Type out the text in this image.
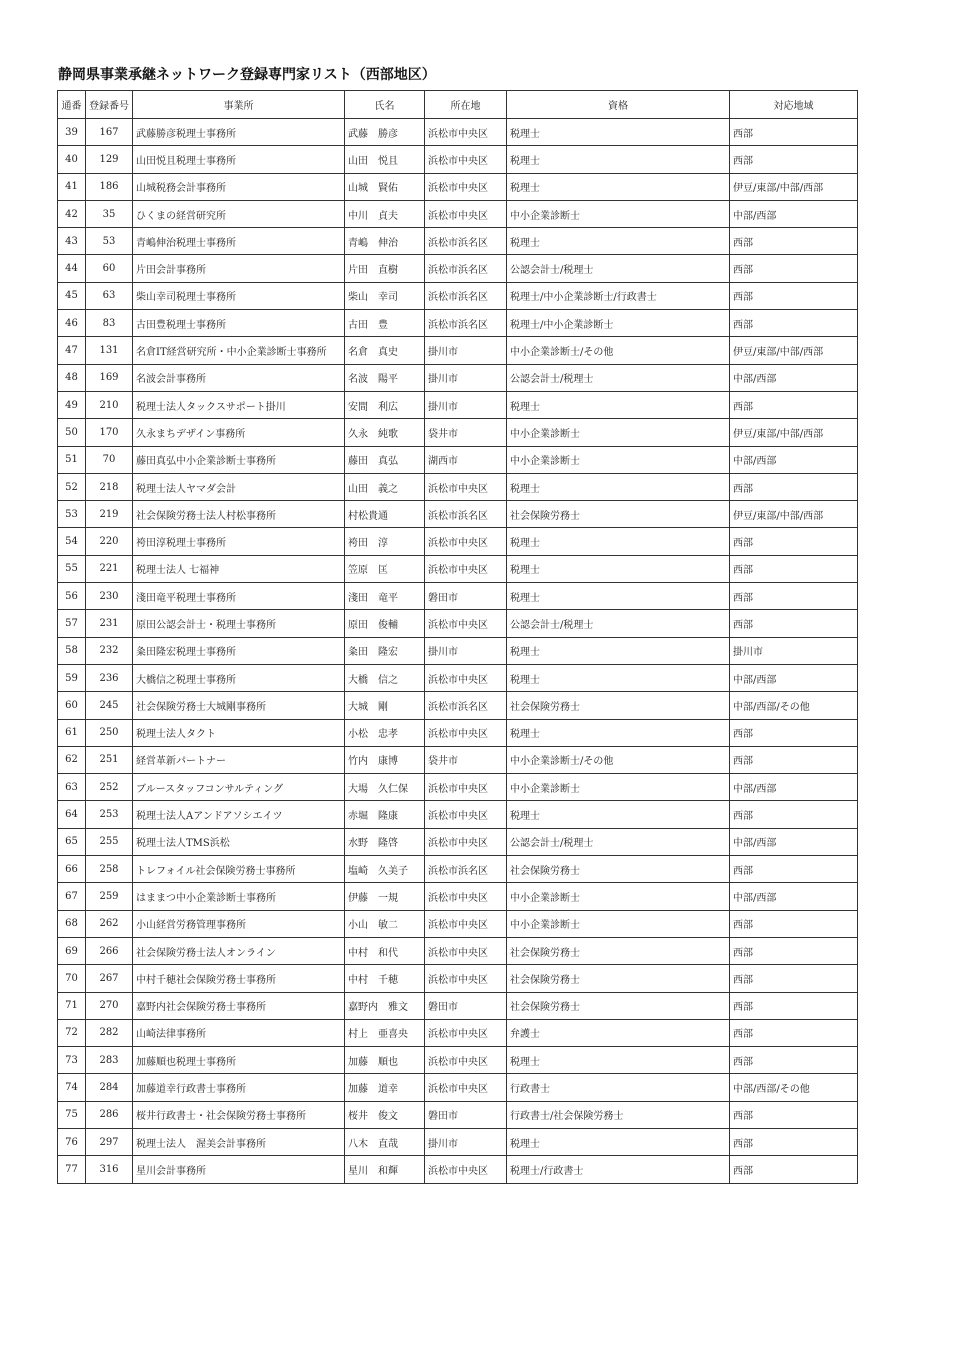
静岡県事業承継ネットワーク登録専門家リスト（西部地区）
通番	登録番号	事業所	氏名	所在地	資格	対応地域
39	167	武藤勝彦税理士事務所	武藤　勝彦	浜松市中央区	税理士	西部
40	129	山田悦且税理士事務所	山田　悦且	浜松市中央区	税理士	西部
41	186	山城税務会計事務所	山城　賢佑	浜松市中央区	税理士	伊豆/東部/中部/西部
42	35	ひくまの経営研究所	中川　貞夫	浜松市中央区	中小企業診断士	中部/西部
43	53	青嶋伸治税理士事務所	青嶋　伸治	浜松市浜名区	税理士	西部
44	60	片田会計事務所	片田　直樹	浜松市浜名区	公認会計士/税理士	西部
45	63	柴山幸司税理士事務所	柴山　幸司	浜松市浜名区	税理士/中小企業診断士/行政書士	西部
46	83	古田豊税理士事務所	古田　豊	浜松市浜名区	税理士/中小企業診断士	西部
47	131	名倉IT経営研究所・中小企業診断士事務所	名倉　真史	掛川市	中小企業診断士/その他	伊豆/東部/中部/西部
48	169	名波会計事務所	名波　陽平	掛川市	公認会計士/税理士	中部/西部
49	210	税理士法人タックスサポート掛川	安間　利広	掛川市	税理士	西部
50	170	久永まちデザイン事務所	久永　純歌	袋井市	中小企業診断士	伊豆/東部/中部/西部
51	70	藤田真弘中小企業診断士事務所	藤田　真弘	湖西市	中小企業診断士	中部/西部
52	218	税理士法人ヤマダ会計	山田　義之	浜松市中央区	税理士	西部
53	219	社会保険労務士法人村松事務所	村松貴通	浜松市浜名区	社会保険労務士	伊豆/東部/中部/西部
54	220	袴田淳税理士事務所	袴田　淳	浜松市中央区	税理士	西部
55	221	税理士法人 七福神	笠原　匡	浜松市中央区	税理士	西部
56	230	淺田竜平税理士事務所	淺田　竜平	磐田市	税理士	西部
57	231	原田公認会計士・税理士事務所	原田　俊輔	浜松市中央区	公認会計士/税理士	西部
58	232	粂田隆宏税理士事務所	粂田　隆宏	掛川市	税理士	掛川市
59	236	大橋信之税理士事務所	大橋　信之	浜松市中央区	税理士	中部/西部
60	245	社会保険労務士大城剛事務所	大城　剛	浜松市浜名区	社会保険労務士	中部/西部/その他
61	250	税理士法人タクト	小松　忠孝	浜松市中央区	税理士	西部
62	251	経営革新パートナー	竹内　康博	袋井市	中小企業診断士/その他	西部
63	252	ブルースタッフコンサルティング	大場　久仁保	浜松市中央区	中小企業診断士	中部/西部
64	253	税理士法人Aアンドアソシエイツ	赤堀　隆康	浜松市中央区	税理士	西部
65	255	税理士法人TMS浜松	水野　隆啓	浜松市中央区	公認会計士/税理士	中部/西部
66	258	トレフォイル社会保険労務士事務所	塩崎　久美子	浜松市浜名区	社会保険労務士	西部
67	259	はままつ中小企業診断士事務所	伊藤　一規	浜松市中央区	中小企業診断士	中部/西部
68	262	小山経営労務管理事務所	小山　敏二	浜松市中央区	中小企業診断士	西部
69	266	社会保険労務士法人オンライン	中村　和代	浜松市中央区	社会保険労務士	西部
70	267	中村千穂社会保険労務士事務所	中村　千穂	浜松市中央区	社会保険労務士	西部
71	270	嘉野内社会保険労務士事務所	嘉野内　雅文	磐田市	社会保険労務士	西部
72	282	山崎法律事務所	村上　亜喜央	浜松市中央区	弁護士	西部
73	283	加藤順也税理士事務所	加藤　順也	浜松市中央区	税理士	西部
74	284	加藤道幸行政書士事務所	加藤　道幸	浜松市中央区	行政書士	中部/西部/その他
75	286	桜井行政書士・社会保険労務士事務所	桜井　俊文	磐田市	行政書士/社会保険労務士	西部
76	297	税理士法人　渥美会計事務所	八木　直哉	掛川市	税理士	西部
77	316	星川会計事務所	星川　和輝	浜松市中央区	税理士/行政書士	西部
